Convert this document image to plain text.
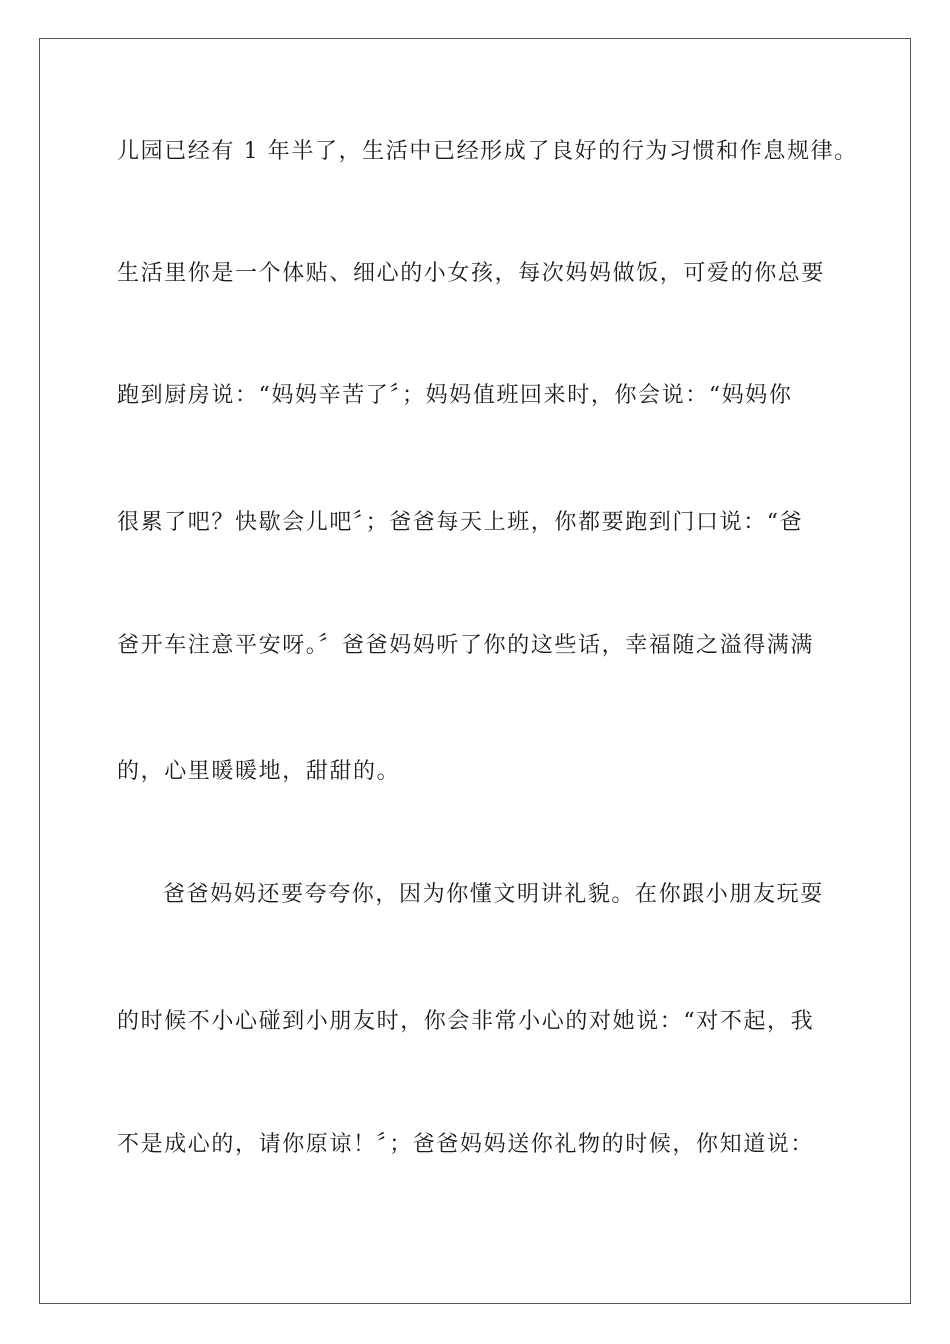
儿园已经有 1 年半了，生活中已经形成了良好的行为习惯和作息规律。
生活里你是一个体贴、细心的小女孩，每次妈妈做饭，可爱的你总要
跑到厨房说：“妈妈辛苦了〞；妈妈值班回来时，你会说：“妈妈你
很累了吧？快歇会儿吧〞；爸爸每天上班，你都要跑到门口说：“爸
爸开车注意平安呀。〞爸爸妈妈听了你的这些话，幸福随之溢得满满
的，心里暖暖地，甜甜的。
爸爸妈妈还要夸夸你，因为你懂文明讲礼貌。在你跟小朋友玩耍
的时候不小心碰到小朋友时，你会非常小心的对她说：“对不起，我
不是成心的，请你原谅！〞；爸爸妈妈送你礼物的时候，你知道说：
